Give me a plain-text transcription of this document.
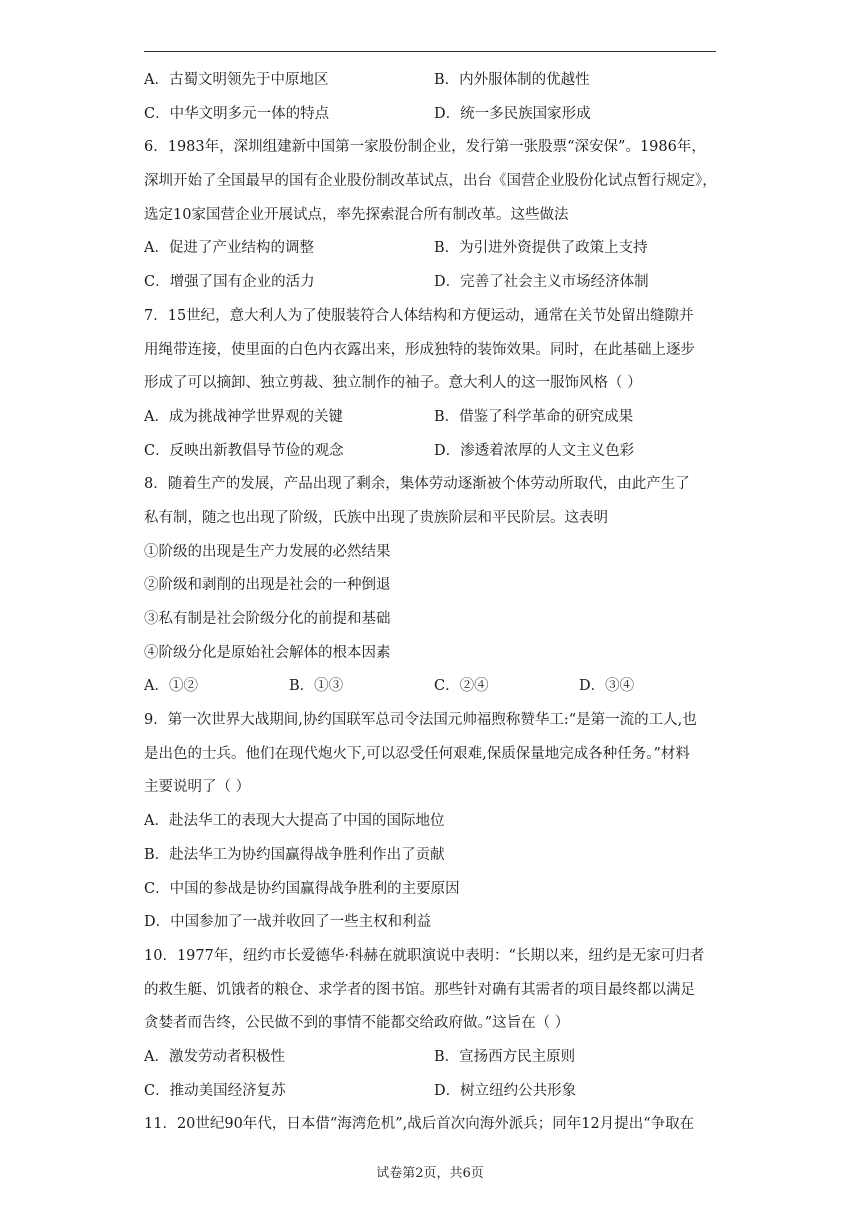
A．古蜀文明领先于中原地区	B．内外服体制的优越性
C．中华文明多元一体的特点	D．统一多民族国家形成
6．1983年，深圳组建新中国第一家股份制企业，发行第一张股票“深安保”。1986年，
深圳开始了全国最早的国有企业股份制改革试点，出台《国营企业股份化试点暂行规定》，
选定10家国营企业开展试点，率先探索混合所有制改革。这些做法
A．促进了产业结构的调整	B．为引进外资提供了政策上支持
C．增强了国有企业的活力	D．完善了社会主义市场经济体制
7．15世纪，意大利人为了使服装符合人体结构和方便运动，通常在关节处留出缝隙并
用绳带连接，使里面的白色内衣露出来，形成独特的装饰效果。同时，在此基础上逐步
形成了可以摘卸、独立剪裁、独立制作的袖子。意大利人的这一服饰风格（ ）
A．成为挑战神学世界观的关键	B．借鉴了科学革命的研究成果
C．反映出新教倡导节俭的观念	D．渗透着浓厚的人文主义色彩
8．随着生产的发展，产品出现了剩余，集体劳动逐渐被个体劳动所取代，由此产生了
私有制，随之也出现了阶级，氏族中出现了贵族阶层和平民阶层。这表明
①阶级的出现是生产力发展的必然结果
②阶级和剥削的出现是社会的一种倒退
③私有制是社会阶级分化的前提和基础
④阶级分化是原始社会解体的根本因素
A．①②	B．①③	C．②④	D．③④
9．第一次世界大战期间,协约国联军总司令法国元帅福煦称赞华工:“是第一流的工人,也
是出色的士兵。他们在现代炮火下,可以忍受任何艰难,保质保量地完成各种任务。”材料
主要说明了（ ）
A．赴法华工的表现大大提高了中国的国际地位
B．赴法华工为协约国赢得战争胜利作出了贡献
C．中国的参战是协约国赢得战争胜利的主要原因
D．中国参加了一战并收回了一些主权和利益
10．1977年，纽约市长爱德华·科赫在就职演说中表明：“长期以来，纽约是无家可归者
的救生艇、饥饿者的粮仓、求学者的图书馆。那些针对确有其需者的项目最终都以满足
贪婪者而告终，公民做不到的事情不能都交给政府做。”这旨在（ ）
A．激发劳动者积极性	B．宣扬西方民主原则
C．推动美国经济复苏	D．树立纽约公共形象
11．20世纪90年代，日本借“海湾危机”,战后首次向海外派兵；同年12月提出“争取在
试卷第2页，共6页
